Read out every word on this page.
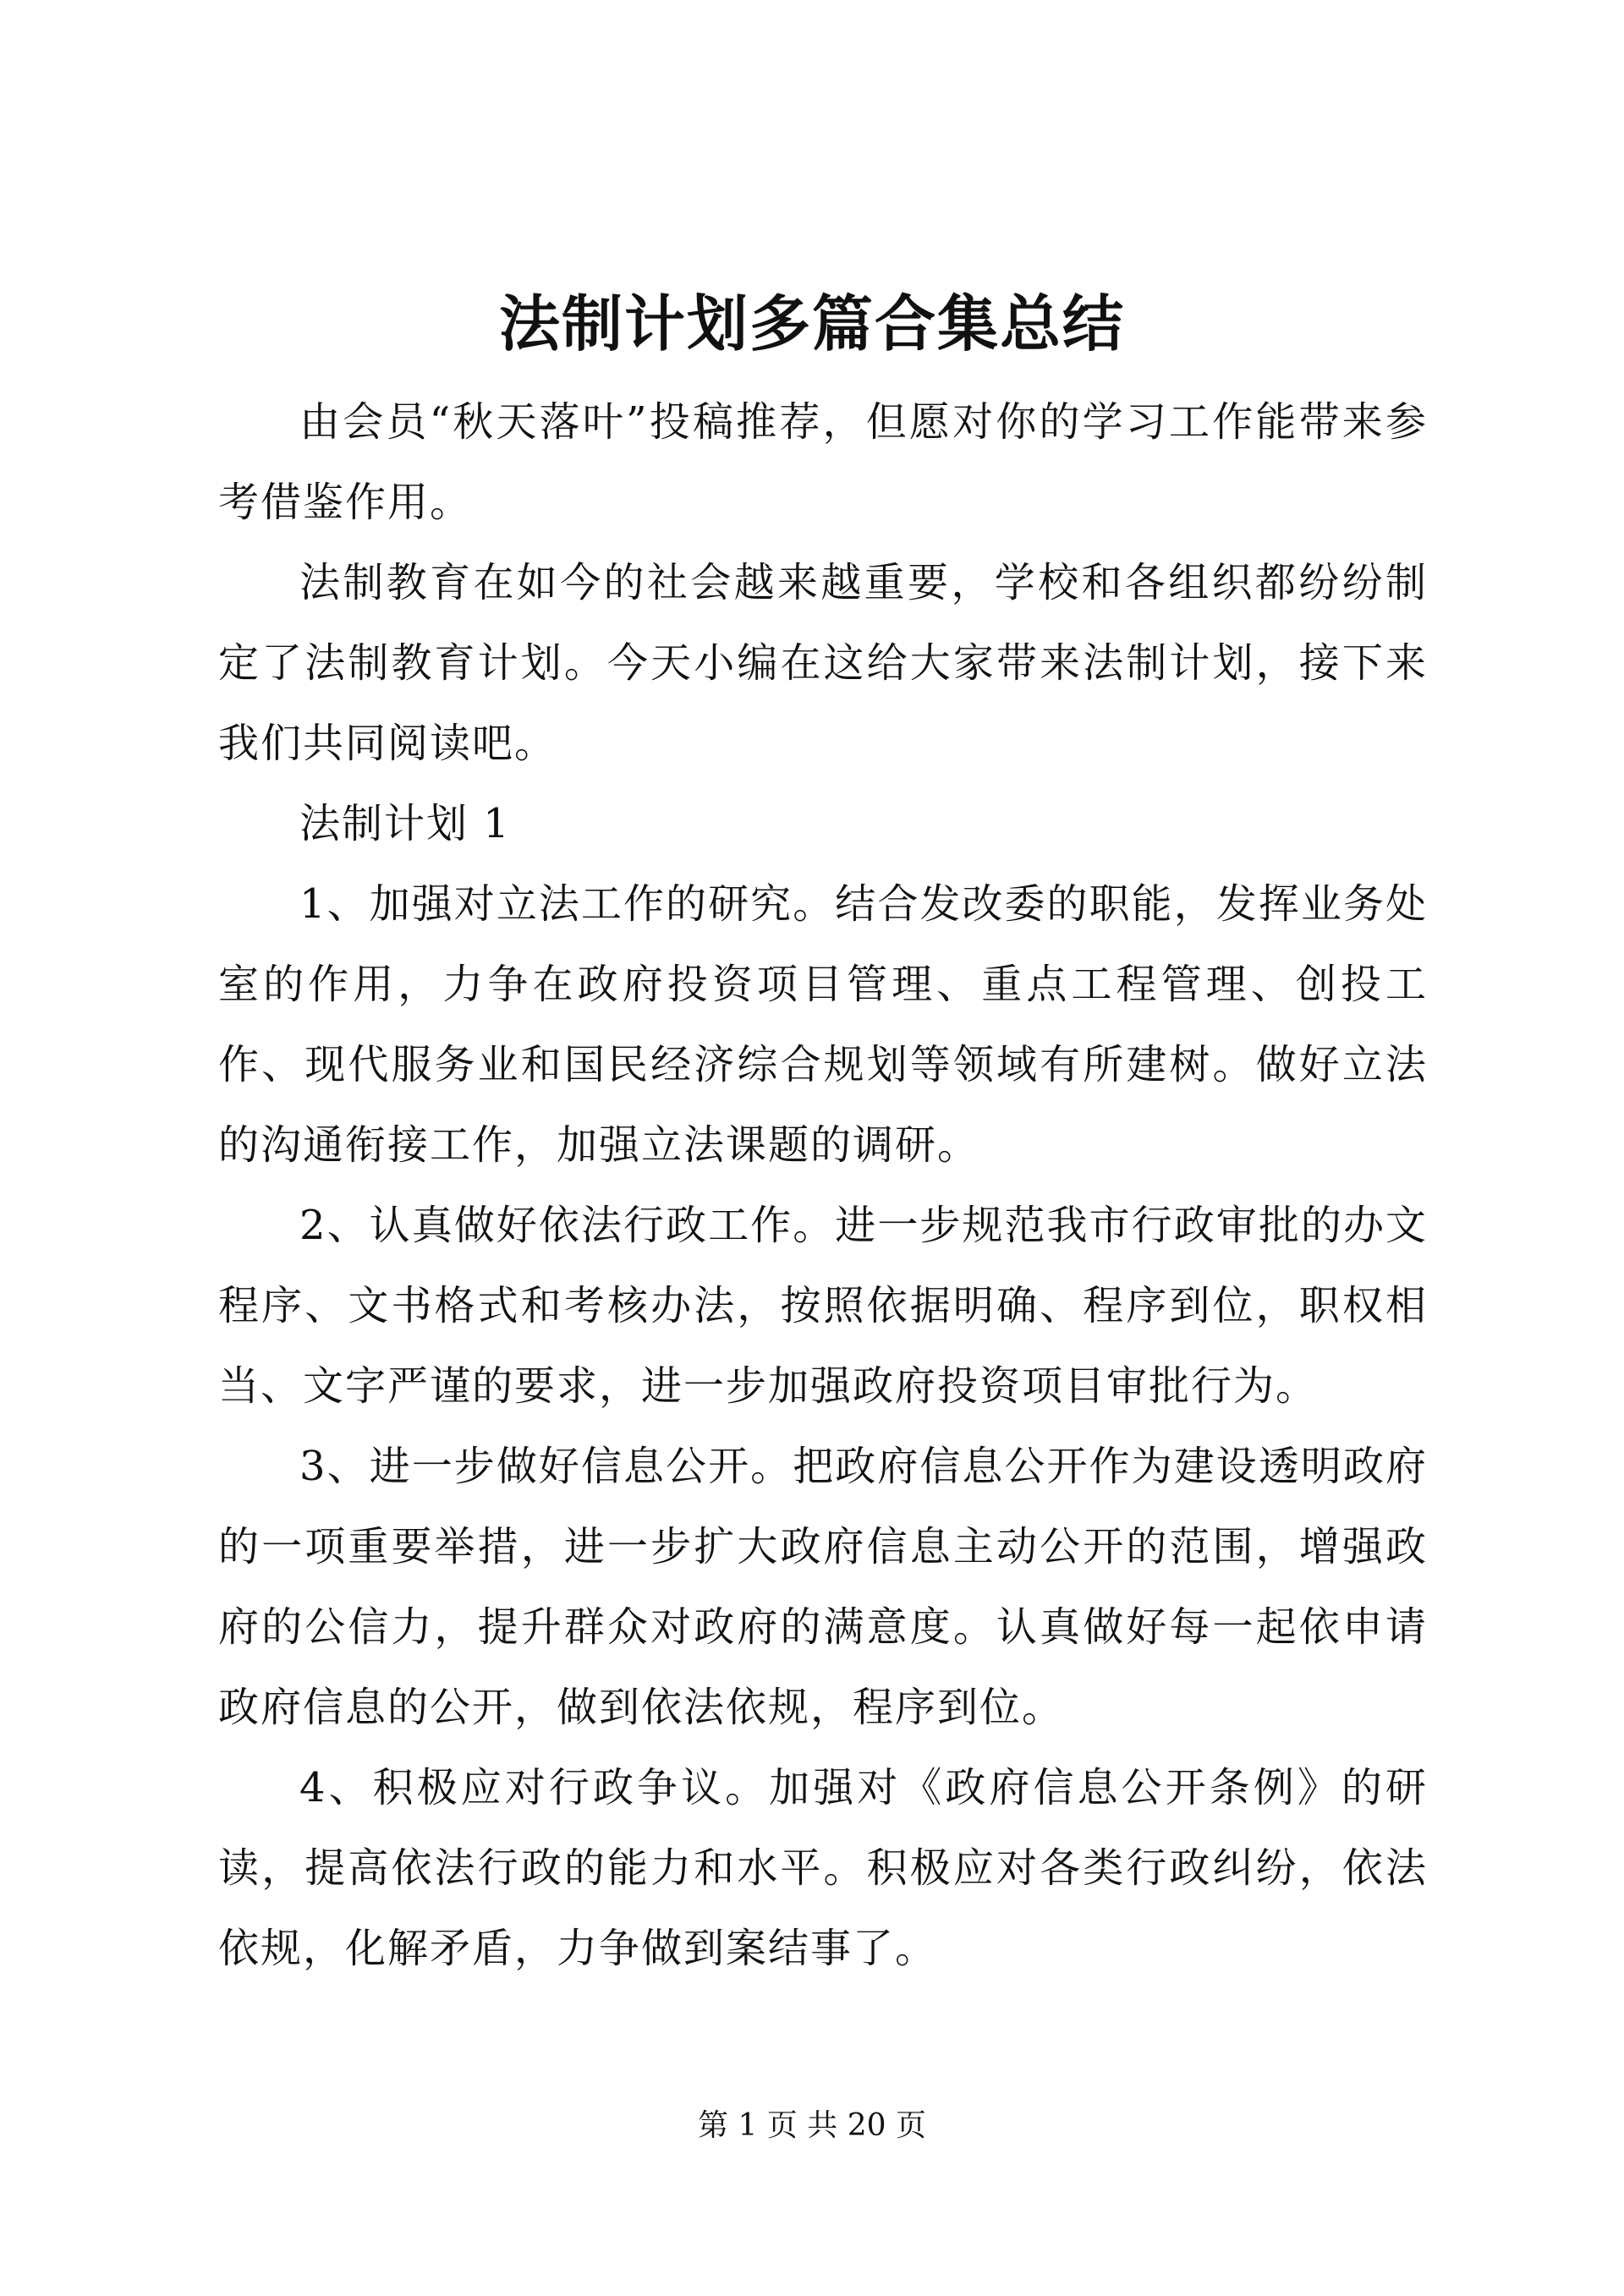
法制计划多篇合集总结

由会员“秋天落叶”投稿推荐，但愿对你的学习工作能带来参考借鉴作用。

法制教育在如今的社会越来越重要，学校和各组织都纷纷制定了法制教育计划。今天小编在这给大家带来法制计划，接下来我们共同阅读吧。

法制计划 1

1、加强对立法工作的研究。结合发改委的职能，发挥业务处室的作用，力争在政府投资项目管理、重点工程管理、创投工作、现代服务业和国民经济综合规划等领域有所建树。做好立法的沟通衔接工作，加强立法课题的调研。

2、认真做好依法行政工作。进一步规范我市行政审批的办文程序、文书格式和考核办法，按照依据明确、程序到位，职权相当、文字严谨的要求，进一步加强政府投资项目审批行为。

3、进一步做好信息公开。把政府信息公开作为建设透明政府的一项重要举措，进一步扩大政府信息主动公开的范围，增强政府的公信力，提升群众对政府的满意度。认真做好每一起依申请政府信息的公开，做到依法依规，程序到位。

4、积极应对行政争议。加强对《政府信息公开条例》的研读，提高依法行政的能力和水平。积极应对各类行政纠纷，依法依规，化解矛盾，力争做到案结事了。

第 1 页 共 20 页
